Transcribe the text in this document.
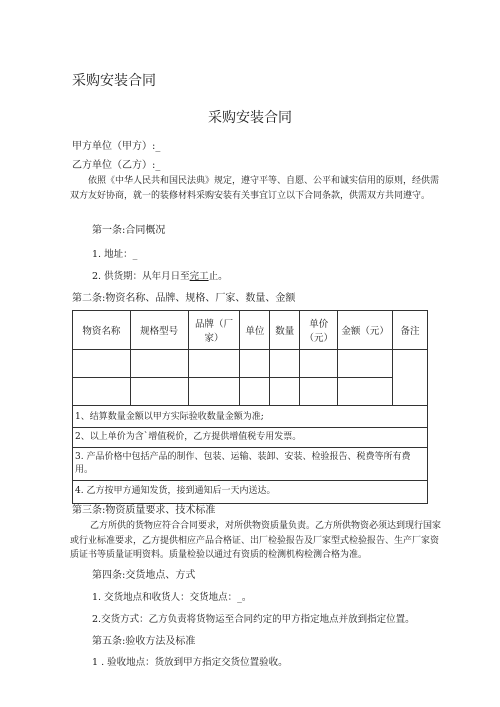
采购安装合同
采购安装合同
甲方单位（甲方）:_
乙方单位（乙方）:_
依照《中华人民共和国民法典》规定，遵守平等、自愿、公平和诚实信用的原则，经供需双方友好协商，就一的装修材料采购安装有关事宜订立以下合同条款，供需双方共同遵守。
第一条:合同概况
1. 地址：_
2. 供货期：从年月日至完工止。
第二条:物资名称、品牌、规格、厂家、数量、金额
物资名称	规格型号	品牌（厂家）	单位	数量	单价（元）	金额（元）	备注

1、结算数量金额以甲方实际验收数量金额为准;
2、以上单价为含`增值税价，乙方提供增值税专用发票。
3. 产品价格中包括产品的制作、包装、运输、装卸、安装、检验报告、税费等所有费用。
4. 乙方按甲方通知发货，接到通知后一天内送达。							
第三条:物资质量要求、技术标准
乙方所供的货物应符合合同要求，对所供物资质量负责。乙方所供物资必须达到现行国家或行业标准要求，乙方提供相应产品合格证、出厂检验报告及厂家型式检验报告、生产厂家资质证书等质量证明资料。质量检验以通过有资质的检测机构检测合格为准。
第四条:交货地点、方式
1. 交货地点和收货人：交货地点：_。
2.交货方式：乙方负责将货物运至合同约定的甲方指定地点并放到指定位置。
第五条:验收方法及标准
1 . 验收地点：货放到甲方指定交货位置验收。
